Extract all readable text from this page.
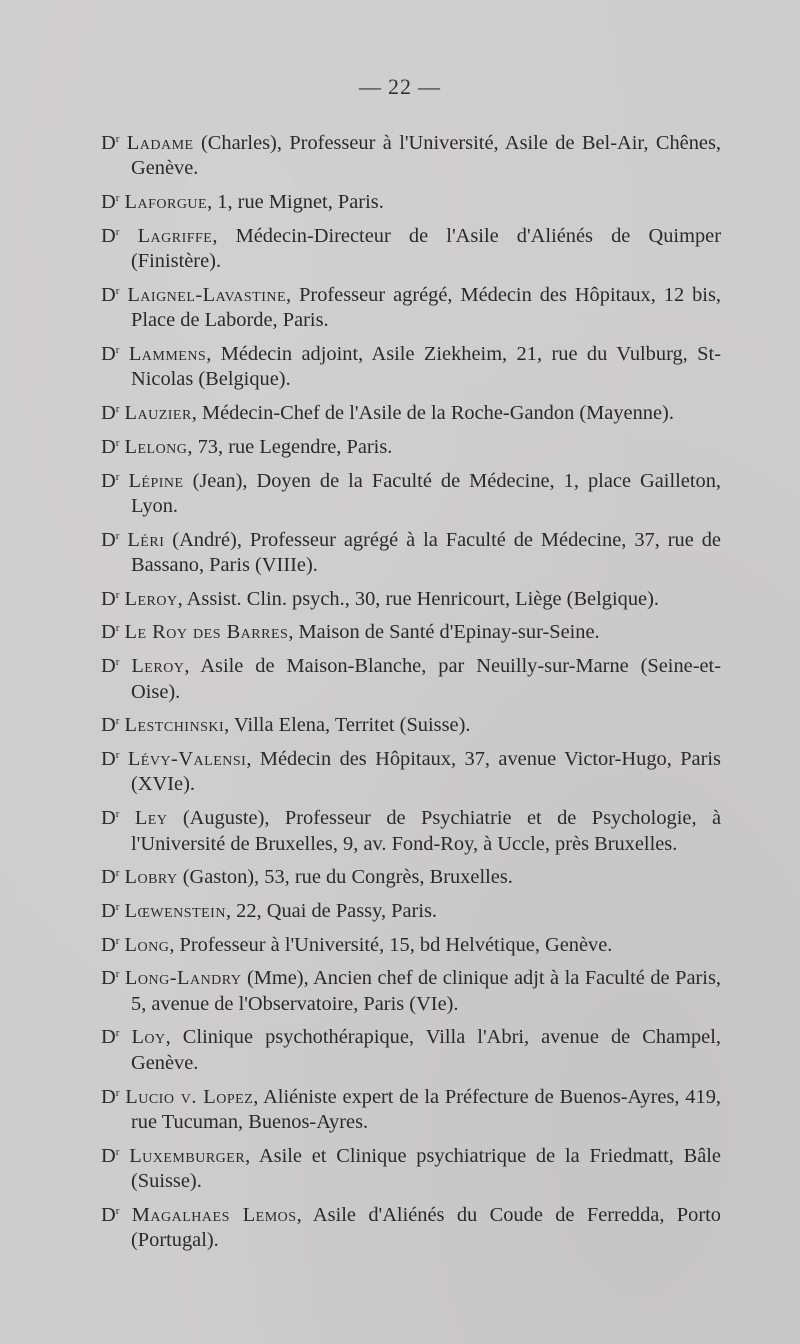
— 22 —

$D^r$ Ladame (Charles), Professeur à l'Université, Asile de Bel-Air, Chênes, Genève.

$D^r$ Laforgue, 1, rue Mignet, Paris.

$D^r$ Lagriffe, Médecin-Directeur de l'Asile d'Aliénés de Quimper (Finistère).

$D^r$ Laignel-Lavastine, Professeur agrégé, Médecin des Hôpitaux, 12 bis, Place de Laborde, Paris.

$D^r$ Lammens, Médecin adjoint, Asile Ziekheim, 21, rue du Vulburg, St-Nicolas (Belgique).

$D^r$ Lauzier, Médecin-Chef de l'Asile de la Roche-Gandon (Mayenne).

$D^r$ Lelong, 73, rue Legendre, Paris.

$D^r$ Lépine (Jean), Doyen de la Faculté de Médecine, 1, place Gailleton, Lyon.

$D^r$ Léri (André), Professeur agrégé à la Faculté de Médecine, 37, rue de Bassano, Paris (VIIIe).

$D^r$ Leroy, Assist. Clin. psych., 30, rue Henricourt, Liège (Belgique).

$D^r$ Le Roy des Barres, Maison de Santé d'Epinay-sur-Seine.

$D^r$ Leroy, Asile de Maison-Blanche, par Neuilly-sur-Marne (Seine-et-Oise).

$D^r$ Lestchinski, Villa Elena, Territet (Suisse).

$D^r$ Lévy-Valensi, Médecin des Hôpitaux, 37, avenue Victor-Hugo, Paris (XVIe).

$D^r$ Ley (Auguste), Professeur de Psychiatrie et de Psychologie, à l'Université de Bruxelles, 9, av. Fond-Roy, à Uccle, près Bruxelles.

$D^r$ Lobry (Gaston), 53, rue du Congrès, Bruxelles.

$D^r$ Lœwenstein, 22, Quai de Passy, Paris.

$D^r$ Long, Professeur à l'Université, 15, bd Helvétique, Genève.

$D^r$ Long-Landry (Mme), Ancien chef de clinique adjt à la Faculté de Paris, 5, avenue de l'Observatoire, Paris (VIe).

$D^r$ Loy, Clinique psychothérapique, Villa l'Abri, avenue de Champel, Genève.

$D^r$ Lucio v. Lopez, Aliéniste expert de la Préfecture de Buenos-Ayres, 419, rue Tucuman, Buenos-Ayres.

$D^r$ Luxemburger, Asile et Clinique psychiatrique de la Friedmatt, Bâle (Suisse).

$D^r$ Magalhaes Lemos, Asile d'Aliénés du Coude de Ferredda, Porto (Portugal).
